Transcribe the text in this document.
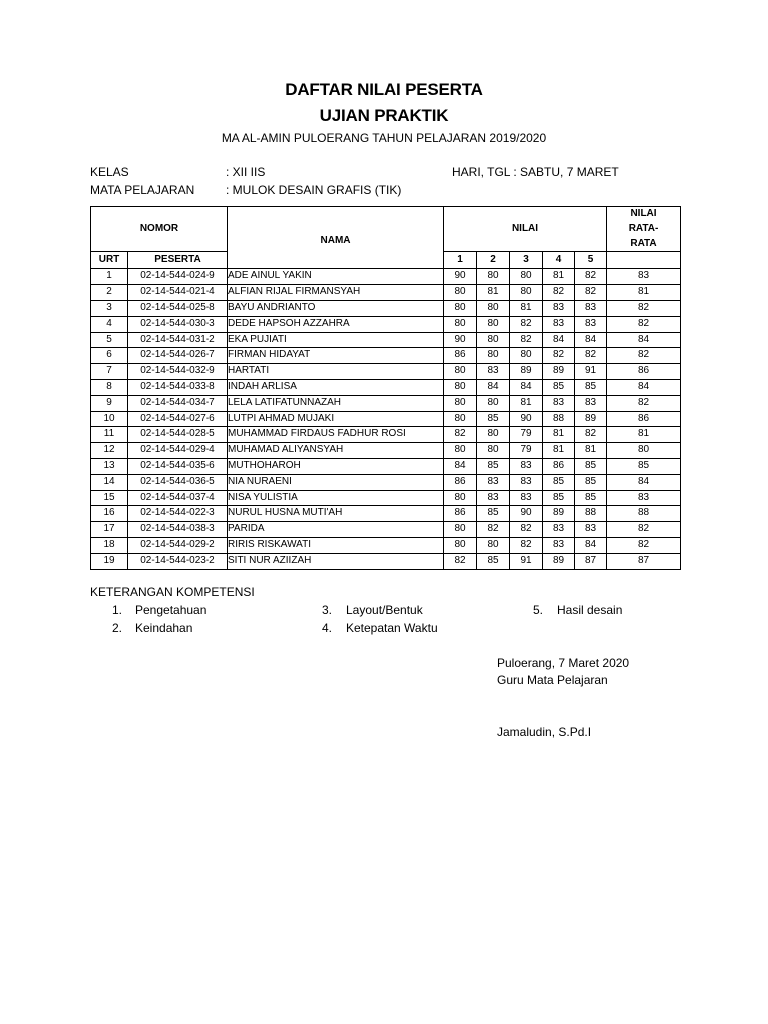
DAFTAR NILAI PESERTA
UJIAN PRAKTIK
MA AL-AMIN PULOERANG TAHUN PELAJARAN 2019/2020
KELAS	: XII IIS	HARI, TGL : SABTU, 7 MARET
MATA PELAJARAN	: MULOK DESAIN GRAFIS (TIK)
NOMOR		NAMA	NILAI					NILAI
RATA-
RATA

URT	PESERTA		1	2	3	4	5	
1	02-14-544-024-9	ADE AINUL YAKIN	90	80	80	81	82	83
2	02-14-544-021-4	ALFIAN RIJAL FIRMANSYAH	80	81	80	82	82	81
3	02-14-544-025-8	BAYU ANDRIANTO	80	80	81	83	83	82
4	02-14-544-030-3	DEDE HAPSOH AZZAHRA	80	80	82	83	83	82
5	02-14-544-031-2	EKA PUJIATI	90	80	82	84	84	84
6	02-14-544-026-7	FIRMAN HIDAYAT	86	80	80	82	82	82
7	02-14-544-032-9	HARTATI	80	83	89	89	91	86
8	02-14-544-033-8	INDAH ARLISA	80	84	84	85	85	84
9	02-14-544-034-7	LELA LATIFATUNNAZAH	80	80	81	83	83	82
10	02-14-544-027-6	LUTPI AHMAD MUJAKI	80	85	90	88	89	86
11	02-14-544-028-5	MUHAMMAD FIRDAUS FADHUR ROSI	82	80	79	81	82	81
12	02-14-544-029-4	MUHAMAD ALIYANSYAH	80	80	79	81	81	80
13	02-14-544-035-6	MUTHOHAROH	84	85	83	86	85	85
14	02-14-544-036-5	NIA NURAENI	86	83	83	85	85	84
15	02-14-544-037-4	NISA YULISTIA	80	83	83	85	85	83
16	02-14-544-022-3	NURUL HUSNA MUTI'AH	86	85	90	89	88	88
17	02-14-544-038-3	PARIDA	80	82	82	83	83	82
18	02-14-544-029-2	RIRIS RISKAWATI	80	80	82	83	84	82
19	02-14-544-023-2	SITI NUR AZIIZAH	82	85	91	89	87	87
KETERANGAN KOMPETENSI
1. Pengetahuan
2. Keindahan
3. Layout/Bentuk
4. Ketepatan Waktu
5. Hasil desain
Puloerang, 7 Maret 2020
Guru Mata Pelajaran
Jamaludin, S.Pd.I
